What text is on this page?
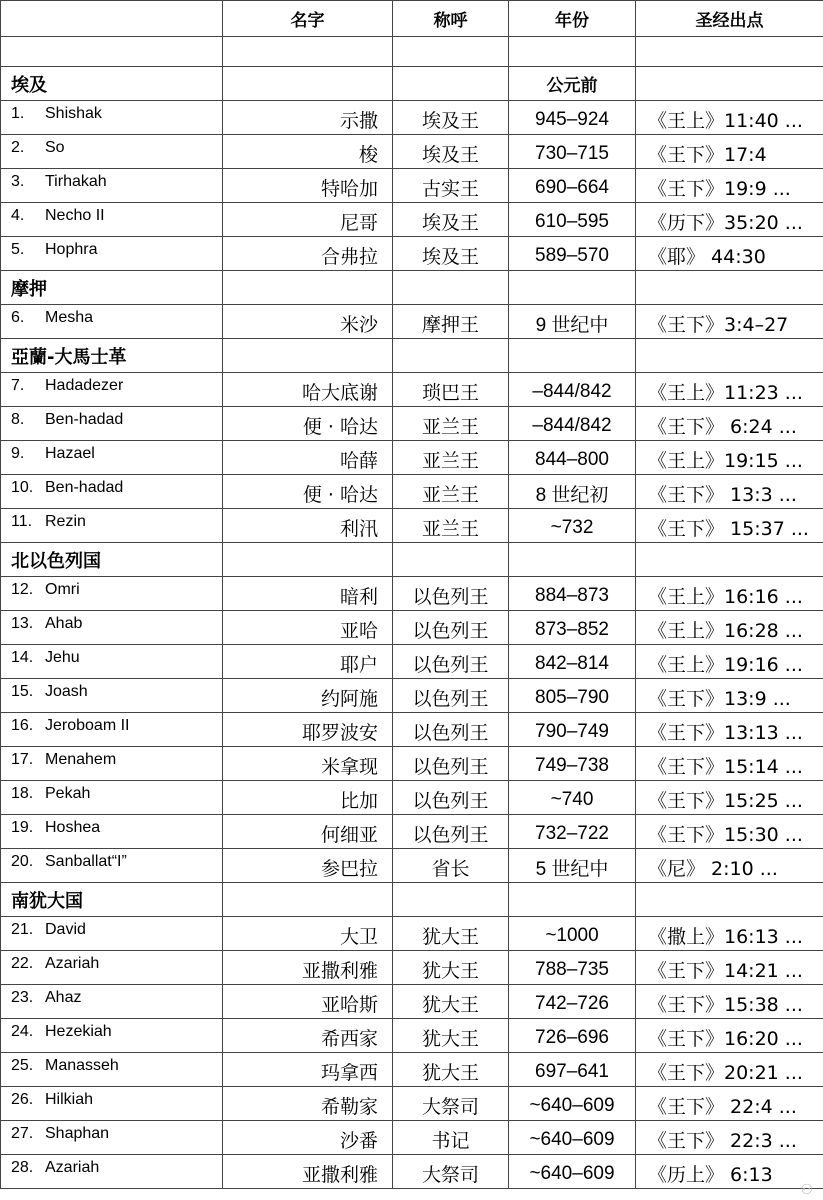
	名字	称呼	年份	圣经出点

埃及			公元前	
1. Shishak	示撒	埃及王	945–924	《王上》11:40 ...
2. So	梭	埃及王	730–715	《王下》17:4
3. Tirhakah	特哈加	古实王	690–664	《王下》19:9 ...
4. Necho II	尼哥	埃及王	610–595	《历下》35:20 ...
5. Hophra	合弗拉	埃及王	589–570	《耶》 44:30
摩押				
6. Mesha	米沙	摩押王	9 世纪中	《王下》3:4–27
亞蘭-大馬士革				
7. Hadadezer	哈大底谢	琐巴王	–844/842	《王上》11:23 ...
8. Ben-hadad	便 · 哈达	亚兰王	–844/842	《王下》 6:24 ...
9. Hazael	哈薛	亚兰王	844–800	《王上》19:15 ...
10. Ben-hadad	便 · 哈达	亚兰王	8 世纪初	《王下》 13:3 ...
11. Rezin	利汛	亚兰王	~732	《王下》 15:37 ...
北以色列国				
12. Omri	暗利	以色列王	884–873	《王上》16:16 ...
13. Ahab	亚哈	以色列王	873–852	《王上》16:28 ...
14. Jehu	耶户	以色列王	842–814	《王上》19:16 ...
15. Joash	约阿施	以色列王	805–790	《王下》13:9 ...
16. Jeroboam II	耶罗波安	以色列王	790–749	《王下》13:13 ...
17. Menahem	米拿现	以色列王	749–738	《王下》15:14 ...
18. Pekah	比加	以色列王	~740	《王下》15:25 ...
19. Hoshea	何细亚	以色列王	732–722	《王下》15:30 ...
20. Sanballat“I”	参巴拉	省长	5 世纪中	《尼》 2:10 ...
南犹大国				
21. David	大卫	犹大王	~1000	《撒上》16:13 ...
22. Azariah	亚撒利雅	犹大王	788–735	《王下》14:21 ...
23. Ahaz	亚哈斯	犹大王	742–726	《王下》15:38 ...
24. Hezekiah	希西家	犹大王	726–696	《王下》16:20 ...
25. Manasseh	玛拿西	犹大王	697–641	《王下》20:21 ...
26. Hilkiah	希勒家	大祭司	~640–609	《王下》 22:4 ...
27. Shaphan	沙番	书记	~640–609	《王下》 22:3 ...
28. Azariah	亚撒利雅	大祭司	~640–609	《历上》 6:13
⚇
